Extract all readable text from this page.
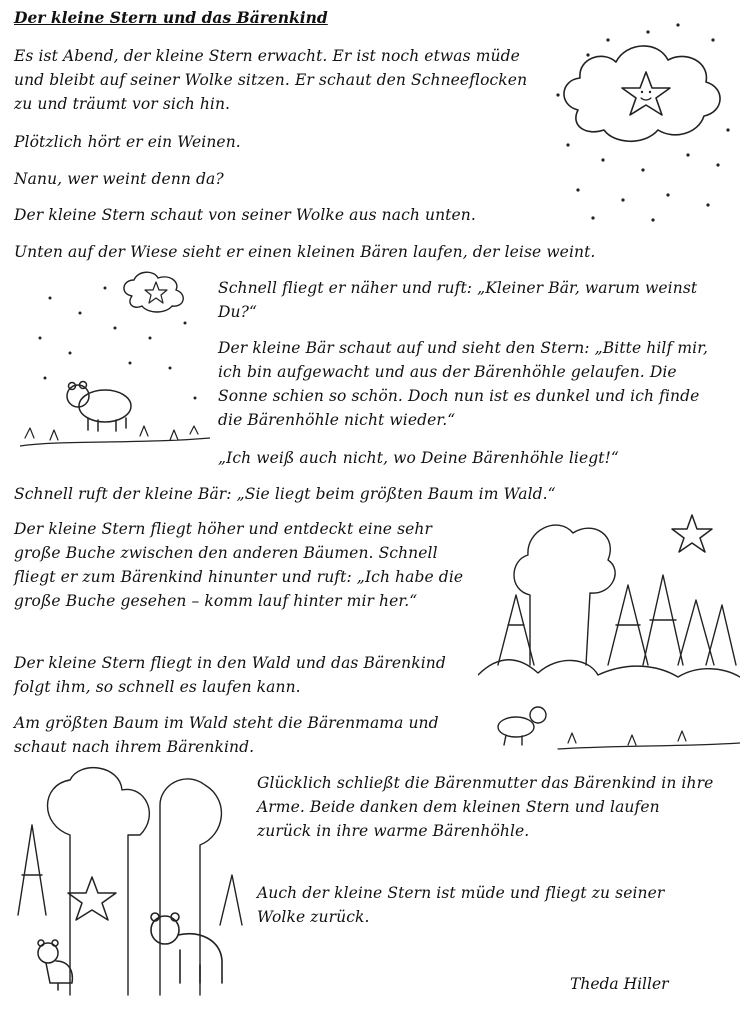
Der kleine Stern und das Bärenkind

Es ist Abend, der kleine Stern erwacht. Er ist noch etwas müde und bleibt auf seiner Wolke sitzen. Er schaut den Schneeflocken zu und träumt vor sich hin.

Plötzlich hört er ein Weinen.

Nanu, wer weint denn da?

Der kleine Stern schaut von seiner Wolke aus nach unten.

Unten auf der Wiese sieht er einen kleinen Bären laufen, der leise weint.

Schnell fliegt er näher und ruft: „Kleiner Bär, warum weinst Du?“

Der kleine Bär schaut auf und sieht den Stern: „Bitte hilf mir, ich bin aufgewacht und aus der Bärenhöhle gelaufen. Die Sonne schien so schön. Doch nun ist es dunkel und ich finde die Bärenhöhle nicht wieder.“

„Ich weiß auch nicht, wo Deine Bärenhöhle liegt!“

Schnell ruft der kleine Bär: „Sie liegt beim größten Baum im Wald.“

Der kleine Stern fliegt höher und entdeckt eine sehr große Buche zwischen den anderen Bäumen. Schnell fliegt er zum Bärenkind hinunter und ruft: „Ich habe die große Buche gesehen – komm lauf hinter mir her.“

Der kleine Stern fliegt in den Wald und das Bärenkind folgt ihm, so schnell es laufen kann.

Am größten Baum im Wald steht die Bärenmama und schaut nach ihrem Bärenkind.

Glücklich schließt die Bärenmutter das Bärenkind in ihre Arme. Beide danken dem kleinen Stern und laufen zurück in ihre warme Bärenhöhle.

Auch der kleine Stern ist müde und fliegt zu seiner Wolke zurück.

Theda Hiller
